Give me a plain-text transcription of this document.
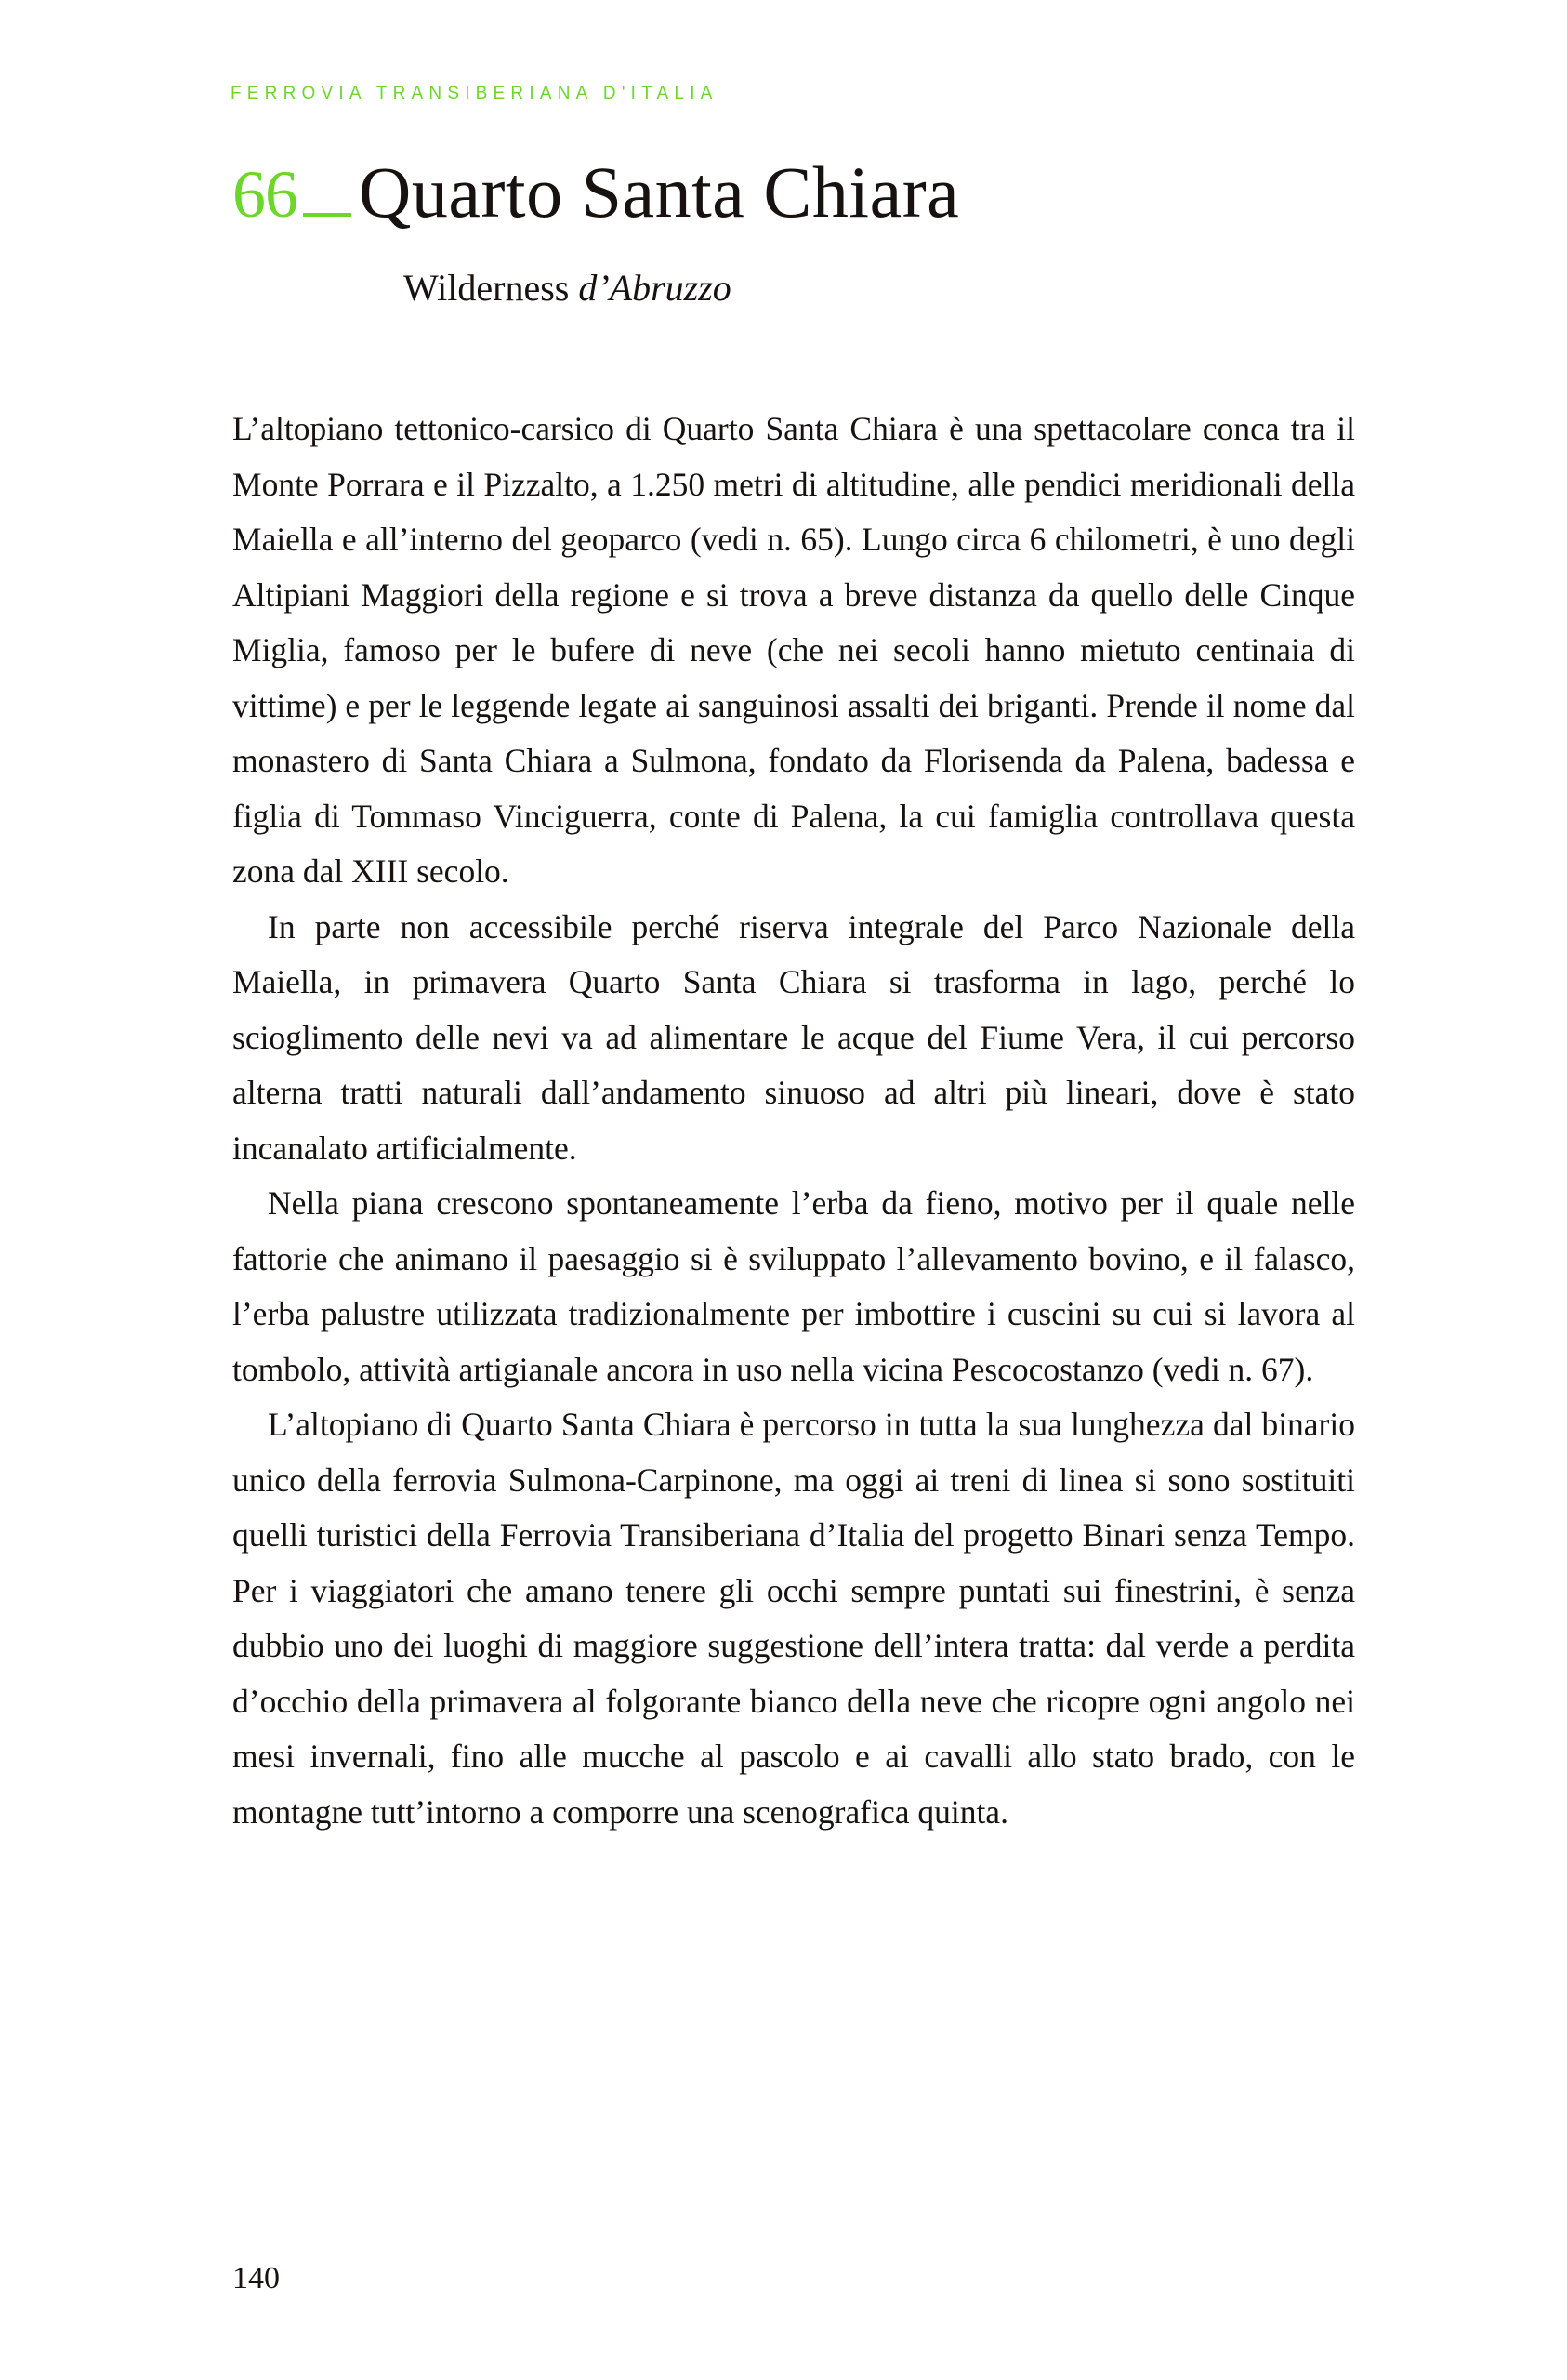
FERROVIA TRANSIBERIANA D'ITALIA
66 Quarto Santa Chiara
Wilderness d’Abruzzo

L’altopiano tettonico-carsico di Quarto Santa Chiara è una spettacolare conca tra il Monte Porrara e il Pizzalto, a 1.250 metri di altitudine, alle pendici meridionali della Maiella e all’interno del geoparco (vedi n. 65). Lungo circa 6 chilometri, è uno degli Altipiani Maggiori della regione e si trova a breve distanza da quello delle Cinque Miglia, famoso per le bufere di neve (che nei secoli hanno mietuto centinaia di vittime) e per le leggende legate ai sanguinosi assalti dei briganti. Prende il nome dal monastero di Santa Chiara a Sulmona, fondato da Florisenda da Palena, badessa e figlia di Tommaso Vinciguerra, conte di Palena, la cui famiglia controllava questa zona dal XIII secolo.

In parte non accessibile perché riserva integrale del Parco Nazionale della Maiella, in primavera Quarto Santa Chiara si trasforma in lago, perché lo scioglimento delle nevi va ad alimentare le acque del Fiume Vera, il cui percorso alterna tratti naturali dall’andamento sinuoso ad altri più lineari, dove è stato incanalato artificialmente.

Nella piana crescono spontaneamente l’erba da fieno, motivo per il quale nelle fattorie che animano il paesaggio si è sviluppato l’allevamento bovino, e il falasco, l’erba palustre utilizzata tradizionalmente per imbottire i cuscini su cui si lavora al tombolo, attività artigianale ancora in uso nella vicina Pescocostanzo (vedi n. 67).

L’altopiano di Quarto Santa Chiara è percorso in tutta la sua lunghezza dal binario unico della ferrovia Sulmona-Carpinone, ma oggi ai treni di linea si sono sostituiti quelli turistici della Ferrovia Transiberiana d’Italia del progetto Binari senza Tempo. Per i viaggiatori che amano tenere gli occhi sempre puntati sui finestrini, è senza dubbio uno dei luoghi di maggiore suggestione dell’intera tratta: dal verde a perdita d’occhio della primavera al folgorante bianco della neve che ricopre ogni angolo nei mesi invernali, fino alle mucche al pascolo e ai cavalli allo stato brado, con le montagne tutt’intorno a comporre una scenografica quinta.

140
